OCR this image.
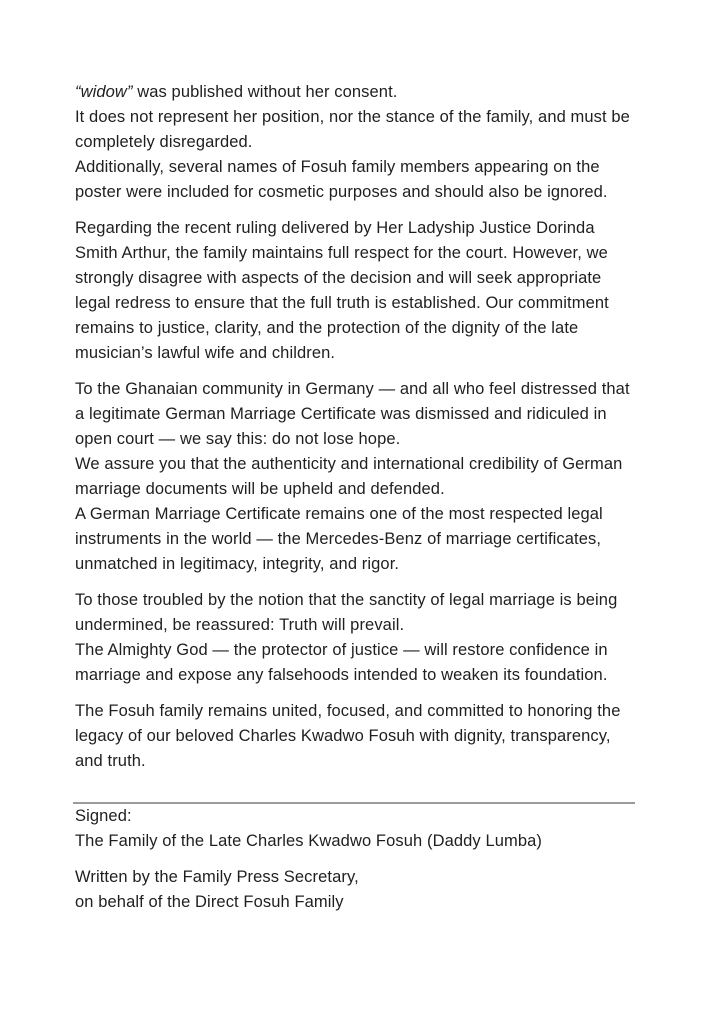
“widow” was published without her consent.
It does not represent her position, nor the stance of the family, and must be completely disregarded.
Additionally, several names of Fosuh family members appearing on the poster were included for cosmetic purposes and should also be ignored.

Regarding the recent ruling delivered by Her Ladyship Justice Dorinda Smith Arthur, the family maintains full respect for the court. However, we strongly disagree with aspects of the decision and will seek appropriate legal redress to ensure that the full truth is established. Our commitment remains to justice, clarity, and the protection of the dignity of the late musician’s lawful wife and children.

To the Ghanaian community in Germany — and all who feel distressed that a legitimate German Marriage Certificate was dismissed and ridiculed in open court — we say this: do not lose hope.
We assure you that the authenticity and international credibility of German marriage documents will be upheld and defended.
A German Marriage Certificate remains one of the most respected legal instruments in the world — the Mercedes-Benz of marriage certificates, unmatched in legitimacy, integrity, and rigor.

To those troubled by the notion that the sanctity of legal marriage is being undermined, be reassured: Truth will prevail.
The Almighty God — the protector of justice — will restore confidence in marriage and expose any falsehoods intended to weaken its foundation.

The Fosuh family remains united, focused, and committed to honoring the legacy of our beloved Charles Kwadwo Fosuh with dignity, transparency, and truth.

Signed:
The Family of the Late Charles Kwadwo Fosuh (Daddy Lumba)

Written by the Family Press Secretary,
on behalf of the Direct Fosuh Family
